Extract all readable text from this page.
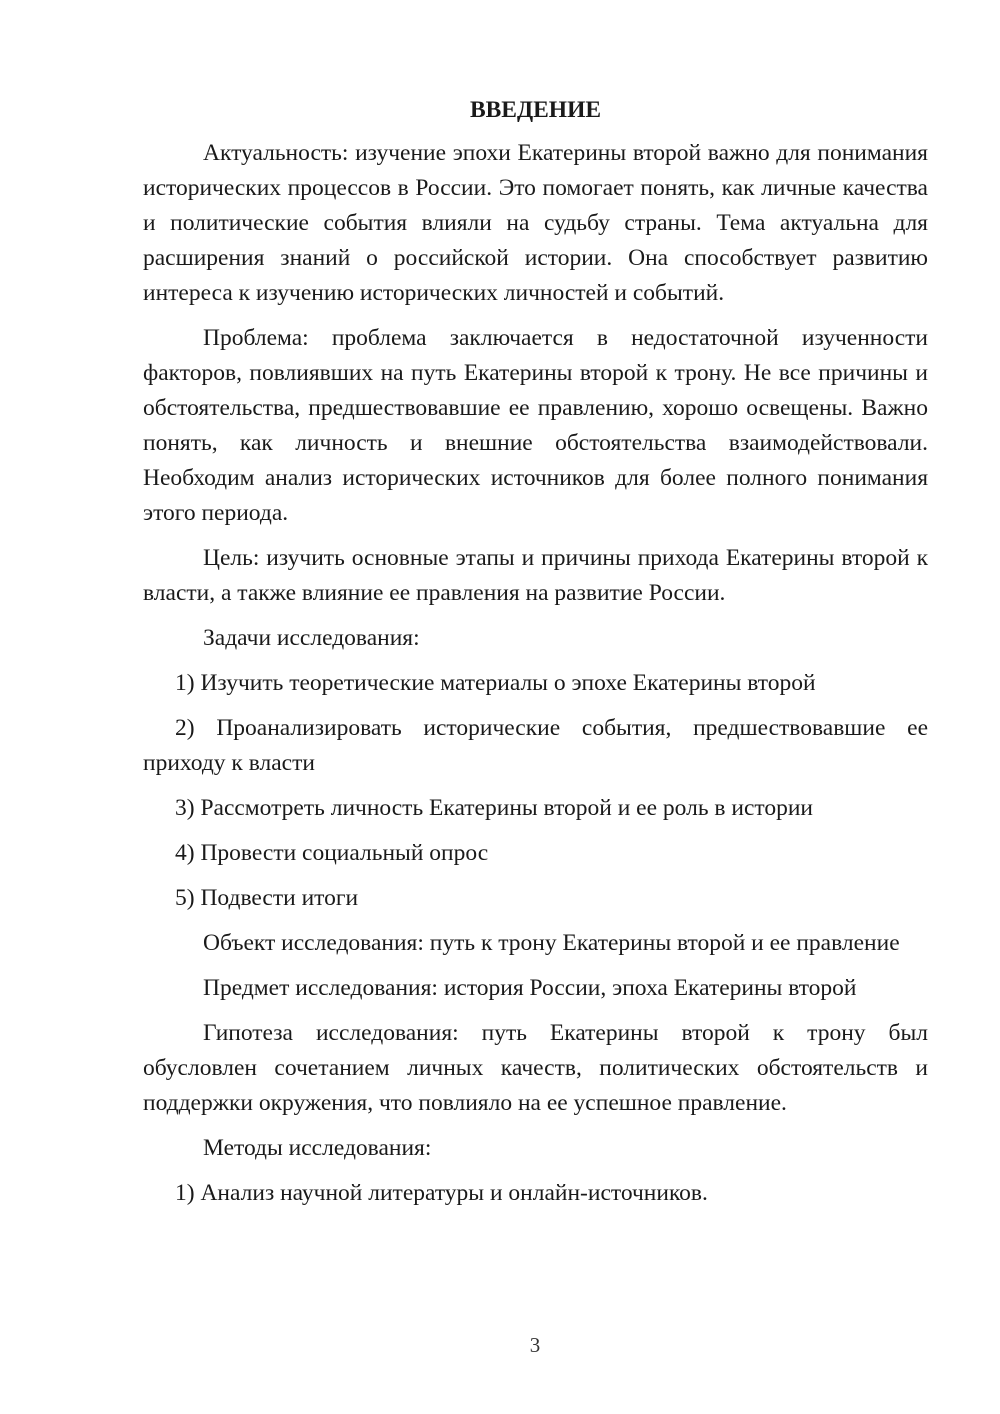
ВВЕДЕНИЕ

Актуальность: изучение эпохи Екатерины второй важно для понимания исторических процессов в России. Это помогает понять, как личные качества и политические события влияли на судьбу страны. Тема актуальна для расширения знаний о российской истории. Она способствует развитию интереса к изучению исторических личностей и событий.

Проблема: проблема заключается в недостаточной изученности факторов, повлиявших на путь Екатерины второй к трону. Не все причины и обстоятельства, предшествовавшие ее правлению, хорошо освещены. Важно понять, как личность и внешние обстоятельства взаимодействовали. Необходим анализ исторических источников для более полного понимания этого периода.

Цель: изучить основные этапы и причины прихода Екатерины второй к власти, а также влияние ее правления на развитие России.

Задачи исследования:

1) Изучить теоретические материалы о эпохе Екатерины второй

2) Проанализировать исторические события, предшествовавшие ее приходу к власти

3) Рассмотреть личность Екатерины второй и ее роль в истории

4) Провести социальный опрос

5) Подвести итоги

Объект исследования: путь к трону Екатерины второй и ее правление

Предмет исследования: история России, эпоха Екатерины второй

Гипотеза исследования: путь Екатерины второй к трону был обусловлен сочетанием личных качеств, политических обстоятельств и поддержки окружения, что повлияло на ее успешное правление.

Методы исследования:

1) Анализ научной литературы и онлайн-источников.

3
